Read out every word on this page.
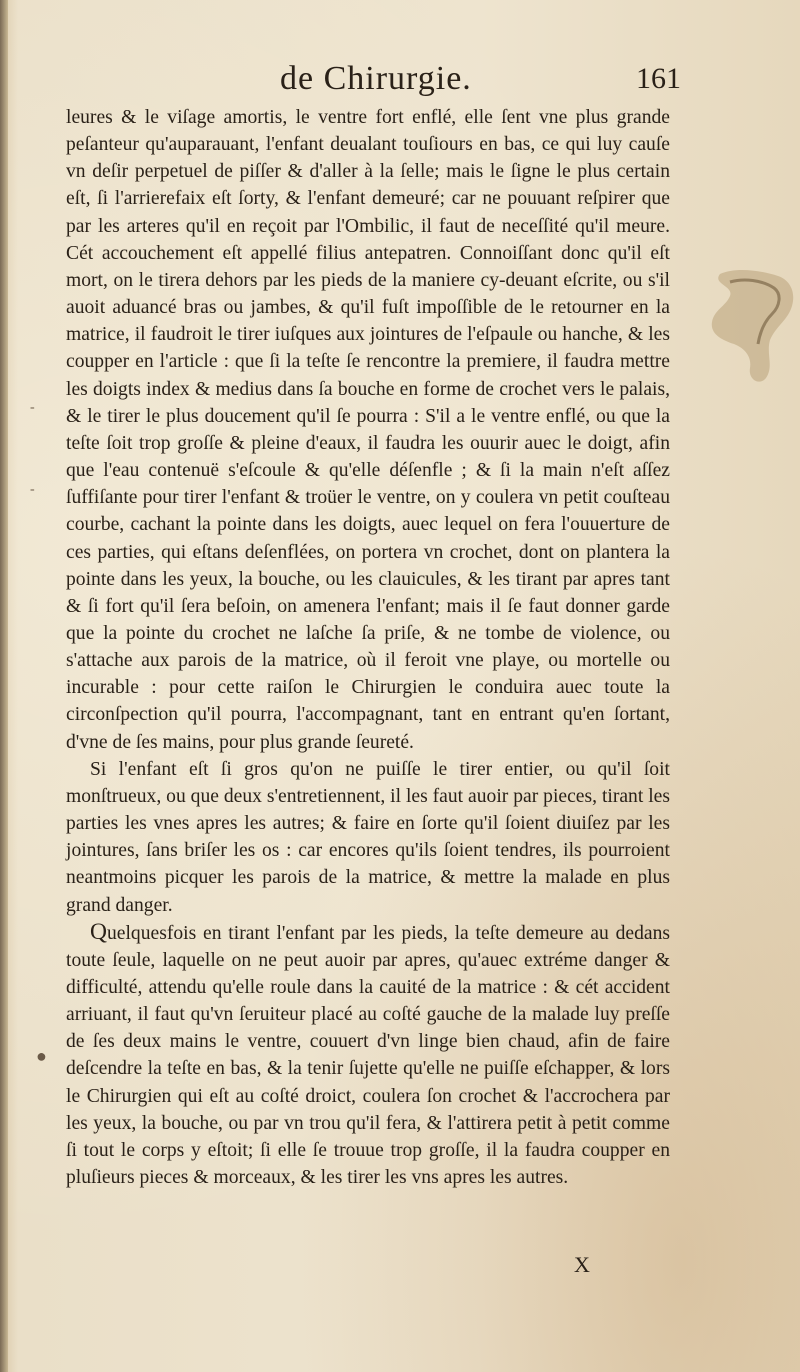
de Chirurgie.	161

leures & le viſage amortis, le ventre fort enflé, elle ſent vne plus grande peſanteur qu'auparauant, l'enfant deualant touſiours en bas, ce qui luy cauſe vn deſir perpetuel de piſſer & d'aller à la ſelle; mais le ſigne le plus certain eſt, ſi l'arrierefaix eſt ſorty, & l'enfant demeuré; car ne pouuant reſpirer que par les arteres qu'il en reçoit par l'Ombilic, il faut de neceſſité qu'il meure. Cét accouchement eſt appellé filius antepatren. Connoiſſant donc qu'il eſt mort, on le tirera dehors par les pieds de la maniere cy-deuant eſcrite, ou s'il auoit aduancé bras ou jambes, & qu'il fuſt impoſſible de le retourner en la matrice, il faudroit le tirer iuſques aux jointures de l'eſpaule ou hanche, & les coupper en l'article : que ſi la teſte ſe rencontre la premiere, il faudra mettre les doigts index & medius dans ſa bouche en forme de crochet vers le palais, & le tirer le plus doucement qu'il ſe pourra : S'il a le ventre enflé, ou que la teſte ſoit trop groſſe & pleine d'eaux, il faudra les ouurir auec le doigt, afin que l'eau contenuë s'eſcoule & qu'elle déſenfle ; & ſi la main n'eſt aſſez ſuffiſante pour tirer l'enfant & troüer le ventre, on y coulera vn petit couſteau courbe, cachant la pointe dans les doigts, auec lequel on fera l'ouuerture de ces parties, qui eſtans deſenflées, on portera vn crochet, dont on plantera la pointe dans les yeux, la bouche, ou les clauicules, & les tirant par apres tant & ſi fort qu'il ſera beſoin, on amenera l'enfant; mais il ſe faut donner garde que la pointe du crochet ne laſche ſa priſe, & ne tombe de violence, ou s'attache aux parois de la matrice, où il feroit vne playe, ou mortelle ou incurable : pour cette raiſon le Chirurgien le conduira auec toute la circonſpection qu'il pourra, l'accompagnant, tant en entrant qu'en ſortant, d'vne de ſes mains, pour plus grande ſeureté.

Si l'enfant eſt ſi gros qu'on ne puiſſe le tirer entier, ou qu'il ſoit monſtrueux, ou que deux s'entretiennent, il les faut auoir par pieces, tirant les parties les vnes apres les autres; & faire en ſorte qu'il ſoient diuiſez par les jointures, ſans briſer les os : car encores qu'ils ſoient tendres, ils pourroient neantmoins picquer les parois de la matrice, & mettre la malade en plus grand danger.

Quelquesfois en tirant l'enfant par les pieds, la teſte demeure au dedans toute ſeule, laquelle on ne peut auoir par apres, qu'auec extréme danger & difficulté, attendu qu'elle roule dans la cauité de la matrice : & cét accident arriuant, il faut qu'vn ſeruiteur placé au coſté gauche de la malade luy preſſe de ſes deux mains le ventre, couuert d'vn linge bien chaud, afin de faire deſcendre la teſte en bas, & la tenir ſujette qu'elle ne puiſſe eſchapper, & lors le Chirurgien qui eſt au coſté droict, coulera ſon crochet & l'accrochera par les yeux, la bouche, ou par vn trou qu'il fera, & l'attirera petit à petit comme ſi tout le corps y eſtoit; ſi elle ſe trouue trop groſſe, il la faudra coupper en pluſieurs pieces & morceaux, & les tirer les vns apres les autres.

X
-
-
●
